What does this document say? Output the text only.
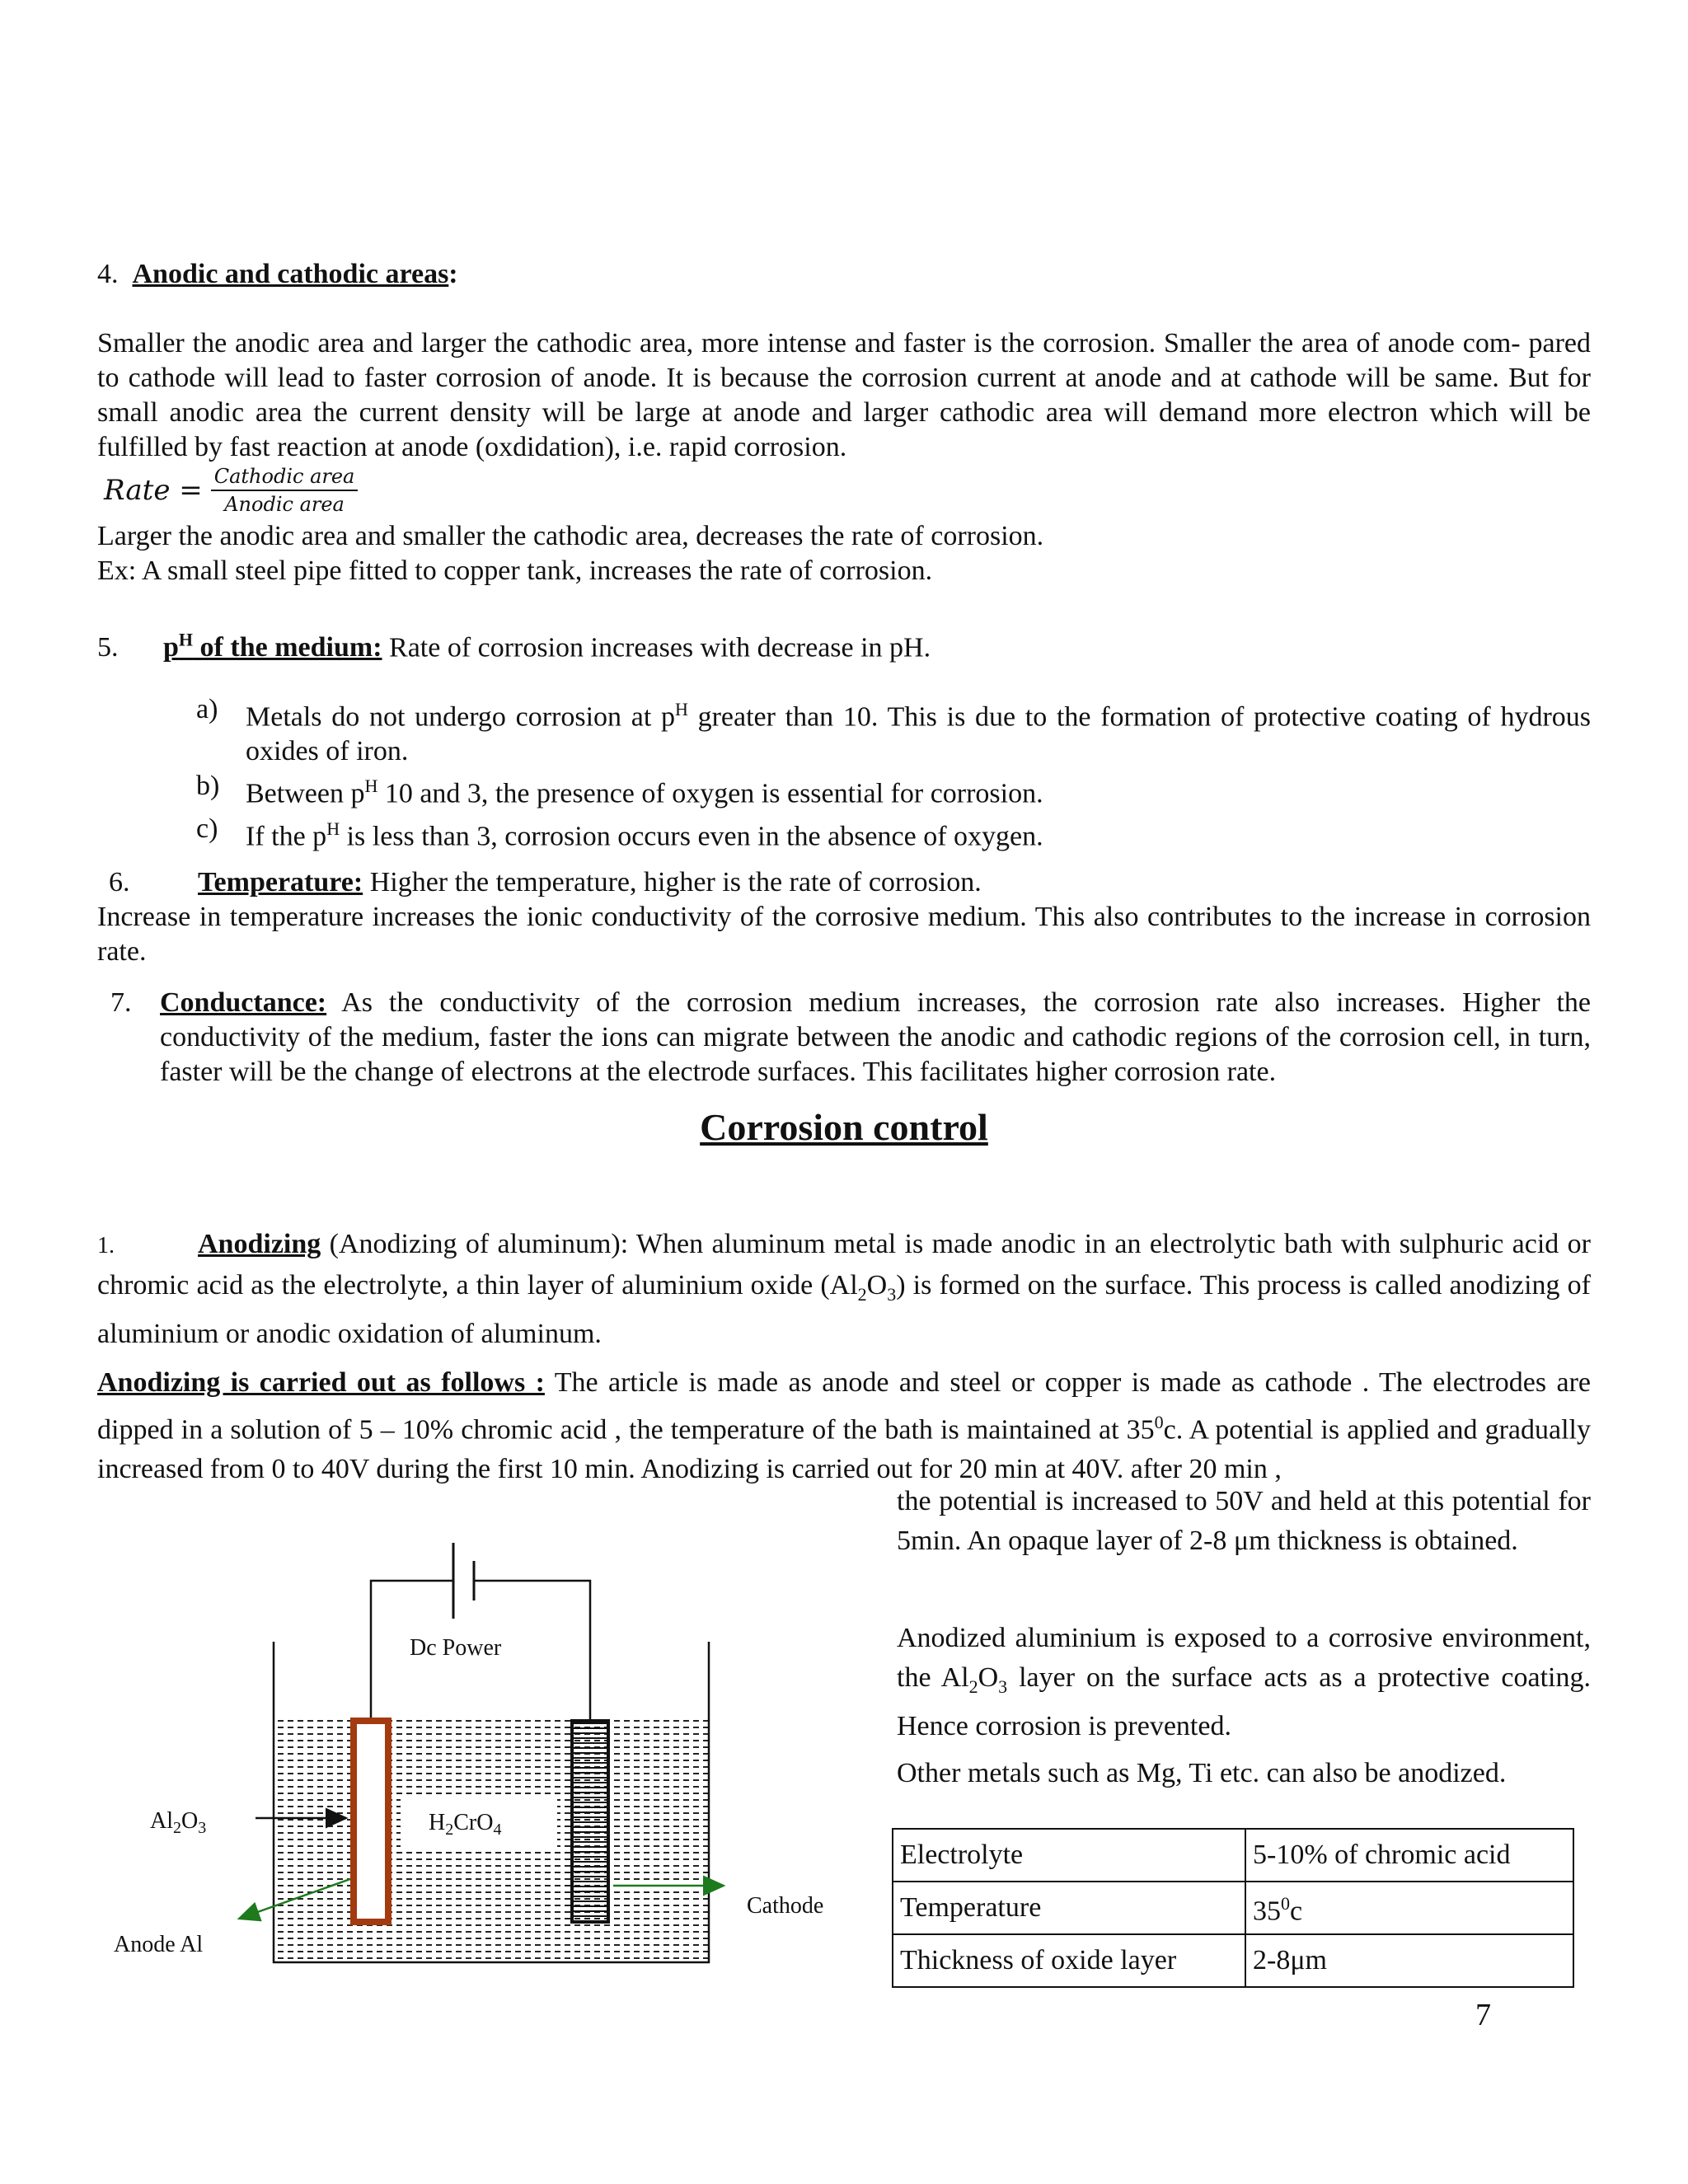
4. Anodic and cathodic areas:
Smaller the anodic area and larger the cathodic area, more intense and faster is the corrosion. Smaller the area of anode com- pared to cathode will lead to faster corrosion of anode. It is because the corrosion current at anode and at cathode will be same. But for small anodic area the current density will be large at anode and larger cathodic area will demand more electron which will be fulfilled by fast reaction at anode (oxdidation), i.e. rapid corrosion.
Rate = $\frac{\text{Cathodic area}}{\text{Anodic area}}$
Larger the anodic area and smaller the cathodic area, decreases the rate of corrosion.
Ex: A small steel pipe fitted to copper tank, increases the rate of corrosion.
5. $p^H$ of the medium: Rate of corrosion increases with decrease in pH.
a) Metals do not undergo corrosion at $p^H$ greater than 10. This is due to the formation of protective coating of hydrous oxides of iron.
b) Between $p^H$ 10 and 3, the presence of oxygen is essential for corrosion.
c) If the $p^H$ is less than 3, corrosion occurs even in the absence of oxygen.
6. Temperature: Higher the temperature, higher is the rate of corrosion.
Increase in temperature increases the ionic conductivity of the corrosive medium. This also contributes to the increase in corrosion rate.
7. Conductance: As the conductivity of the corrosion medium increases, the corrosion rate also increases. Higher the conductivity of the medium, faster the ions can migrate between the anodic and cathodic regions of the corrosion cell, in turn, faster will be the change of electrons at the electrode surfaces. This facilitates higher corrosion rate.
Corrosion control
1.	Anodizing (Anodizing of aluminum): When aluminum metal is made anodic in an electrolytic bath with sulphuric acid or chromic acid as the electrolyte, a thin layer of aluminium oxide $(Al_2O_3)$ is formed on the surface. This process is called anodizing of aluminium or anodic oxidation of aluminum.
Anodizing is carried out as follows : The article is made as anode and steel or copper is made as cathode . The electrodes are dipped in a solution of 5 – 10% chromic acid , the temperature of the bath is maintained at $35^0c$. A potential is applied and gradually increased from 0 to 40V during the first 10 min. Anodizing is carried out for 20 min at 40V. after 20 min ,
the potential is increased to 50V and held at this potential for 5min. An opaque layer of 2-8 μm thickness is obtained.
Anodized aluminium is exposed to a corrosive environment, the $Al_2O_3$ layer on the surface acts as a protective coating. Hence corrosion is prevented.
Other metals such as Mg, Ti etc. can also be anodized.
Dc Power
$Al_2O_3$	$H_2CrO_4$
Anode Al
Cathode
Electrolyte	5-10% of chromic acid
Temperature	$35^0c$
Thickness of oxide layer	2-8μm
7
